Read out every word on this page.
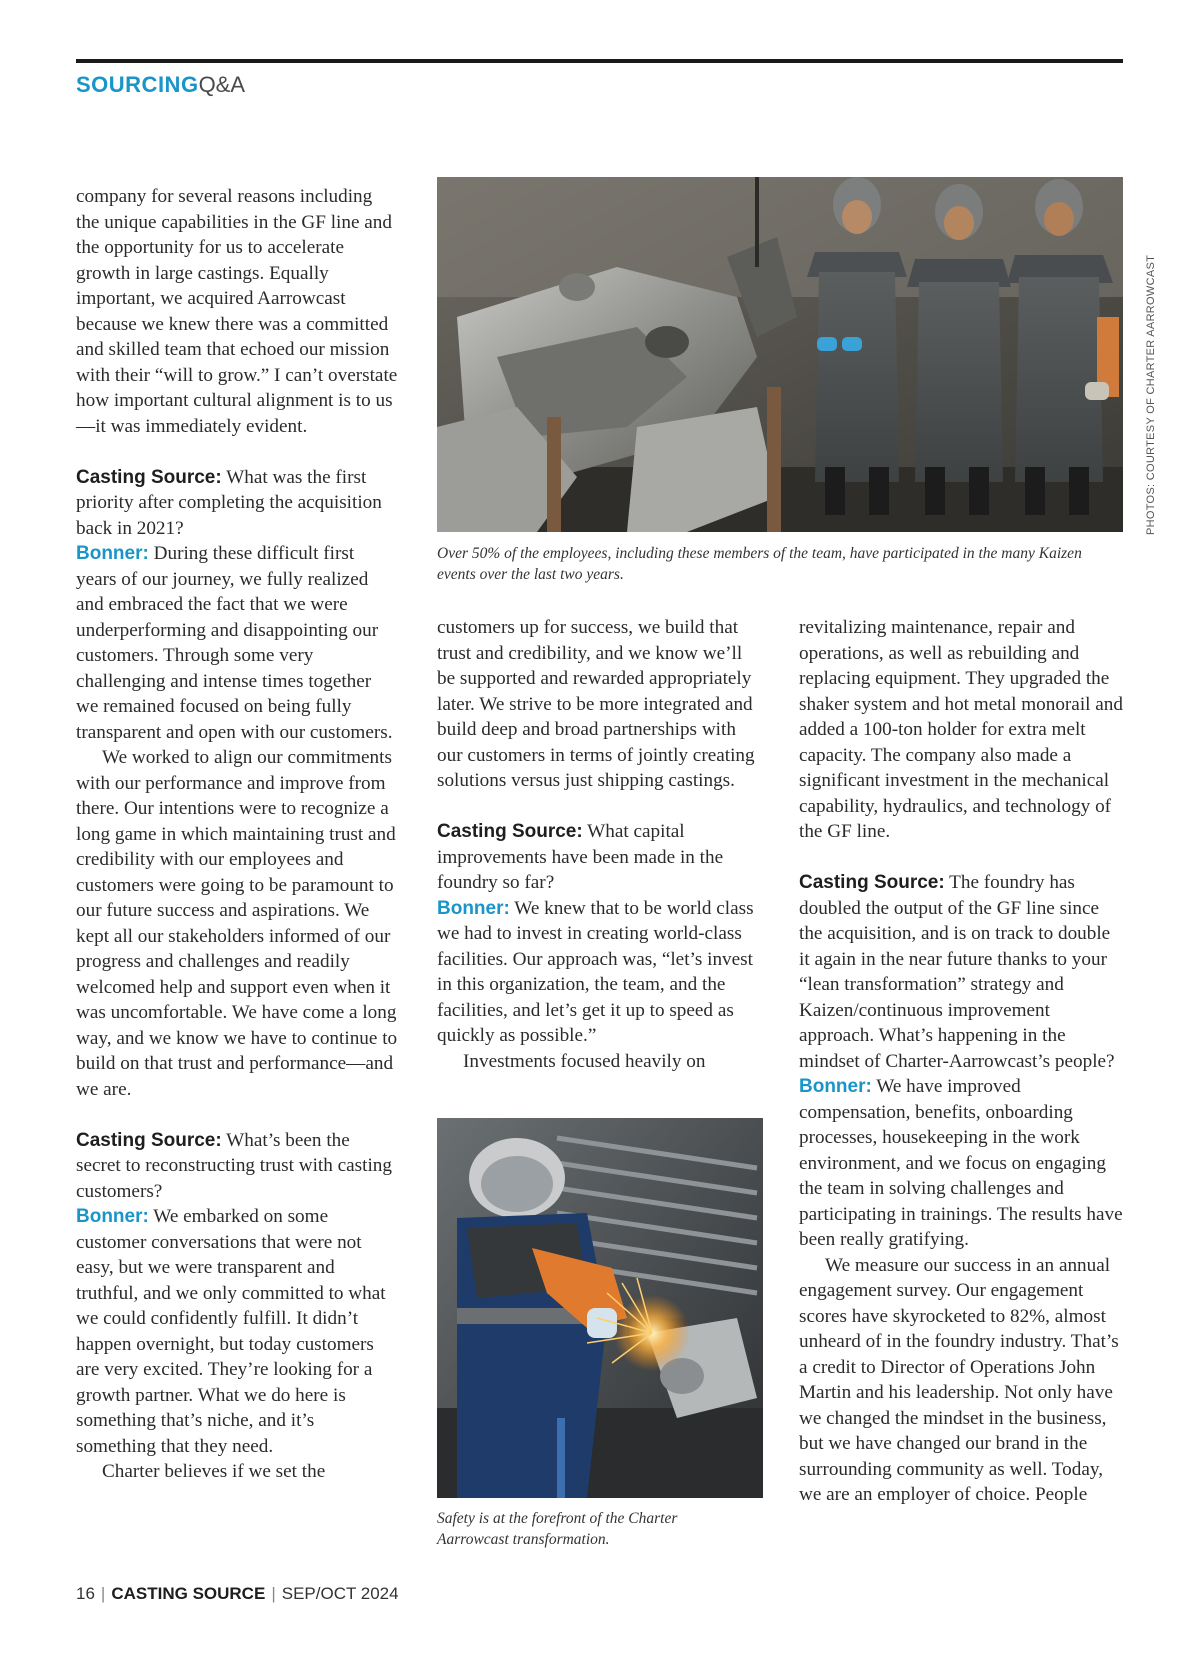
SOURCINGQ&A

company for several reasons including the unique capabilities in the GF line and the opportunity for us to accelerate growth in large castings. Equally important, we acquired Aarrowcast because we knew there was a committed and skilled team that echoed our mission with their “will to grow.” I can’t overstate how important cultural alignment is to us—it was immediately evident.

Casting Source: What was the first priority after completing the acquisition back in 2021?

Bonner: During these difficult first years of our journey, we fully realized and embraced the fact that we were underperforming and disappointing our customers. Through some very challenging and intense times together we remained focused on being fully transparent and open with our customers.

We worked to align our commitments with our performance and improve from there. Our intentions were to recognize a long game in which maintaining trust and credibility with our employees and customers were going to be paramount to our future success and aspirations. We kept all our stakeholders informed of our progress and challenges and readily welcomed help and support even when it was uncomfortable. We have come a long way, and we know we have to continue to build on that trust and performance—and we are.

Casting Source: What’s been the secret to reconstructing trust with casting customers?

Bonner: We embarked on some customer conversations that were not easy, but we were transparent and truthful, and we only committed to what we could confidently fulfill. It didn’t happen overnight, but today customers are very excited. They’re looking for a growth partner. What we do here is something that’s niche, and it’s something that they need.

Charter believes if we set the

PHOTOS: COURTESY OF CHARTER AARROWCAST
Over 50% of the employees, including these members of the team, have participated in the many Kaizen events over the last two years.

customers up for success, we build that trust and credibility, and we know we’ll be supported and rewarded appropriately later. We strive to be more integrated and build deep and broad partnerships with our customers in terms of jointly creating solutions versus just shipping castings.

Casting Source: What capital improvements have been made in the foundry so far?

Bonner: We knew that to be world class we had to invest in creating world-class facilities. Our approach was, “let’s invest in this organization, the team, and the facilities, and let’s get it up to speed as quickly as possible.”

Investments focused heavily on

Safety is at the forefront of the Charter Aarrowcast transformation.

revitalizing maintenance, repair and operations, as well as rebuilding and replacing equipment. They upgraded the shaker system and hot metal monorail and added a 100-ton holder for extra melt capacity. The company also made a significant investment in the mechanical capability, hydraulics, and technology of the GF line.

Casting Source: The foundry has doubled the output of the GF line since the acquisition, and is on track to double it again in the near future thanks to your “lean transformation” strategy and Kaizen/continuous improvement approach. What’s happening in the mindset of Charter-Aarrowcast’s people?

Bonner: We have improved compensation, benefits, onboarding processes, housekeeping in the work environment, and we focus on engaging the team in solving challenges and participating in trainings. The results have been really gratifying.

We measure our success in an annual engagement survey. Our engagement scores have skyrocketed to 82%, almost unheard of in the foundry industry. That’s a credit to Director of Operations John Martin and his leadership. Not only have we changed the mindset in the business, but we have changed our brand in the surrounding community as well. Today, we are an employer of choice. People

16 | CASTING SOURCE | SEP/OCT 2024
